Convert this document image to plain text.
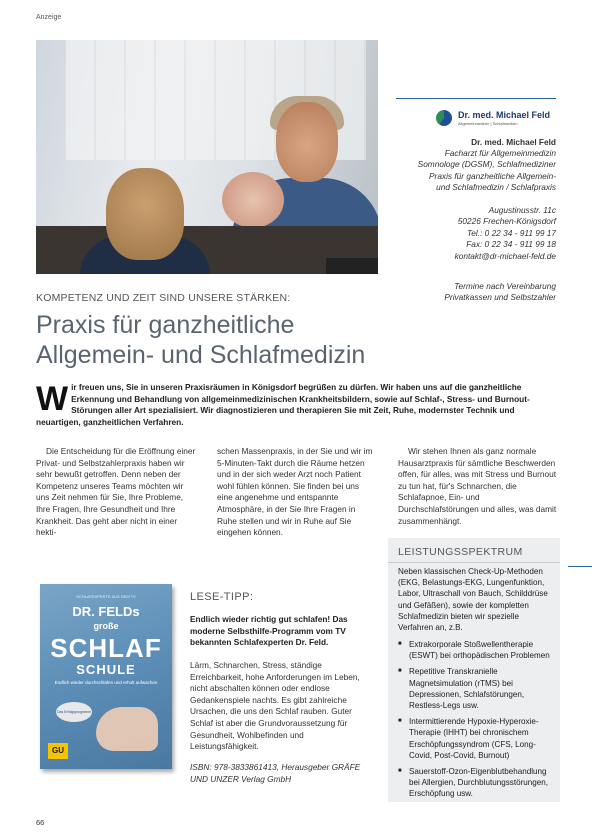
Anzeige
Dr. med. Michael Feld
Allgemeinmedizin | Schlafmedizin
Dr. med. Michael Feld
Facharzt für Allgemeinmedizin
Somnologe (DGSM), Schlafmediziner
Praxis für ganzheitliche Allgemein-
und Schlafmedizin / Schlafpraxis
Augustinusstr. 11c
50226 Frechen-Königsdorf
Tel.: 0 22 34 - 911 99 17
Fax: 0 22 34 - 911 99 18
kontakt@dr-michael-feld.de
Termine nach Vereinbarung
Privatkassen und Selbstzahler
KOMPETENZ UND ZEIT SIND UNSERE STÄRKEN:
Praxis für ganzheitliche
Allgemein- und Schlafmedizin
Wir freuen uns, Sie in unseren Praxisräumen in Königsdorf begrüßen zu dürfen. Wir haben uns auf die ganzheitliche Erkennung und Behandlung von allgemeinmedizinischen Krankheitsbildern, sowie auf Schlaf-, Stress- und Burnout-Störungen aller Art spezialisiert. Wir diagnostizieren und therapieren Sie mit Zeit, Ruhe, modernster Technik und neuartigen, ganzheitlichen Verfahren.
Die Entscheidung für die Eröffnung einer Privat- und Selbstzahlerpraxis haben wir sehr bewußt getroffen. Denn neben der Kompetenz unseres Teams möchten wir uns Zeit nehmen für Sie, Ihre Probleme, Ihre Fragen, Ihre Gesundheit und Ihre Krankheit. Das geht aber nicht in einer hekti-
schen Massenpraxis, in der Sie und wir im 5-Minuten-Takt durch die Räume hetzen und in der sich weder Arzt noch Patient wohl fühlen können. Sie finden bei uns eine angenehme und entspannte Atmosphäre, in der Sie Ihre Fragen in Ruhe stellen und wir in Ruhe auf Sie eingehen können.
Wir stehen Ihnen als ganz normale Hausarztpraxis für sämtliche Beschwerden offen, für alles, was mit Stress und Burnout zu tun hat, für's Schnarchen, die Schlafapnoe, Ein- und Durchschlafstörungen und alles, was damit zusammenhängt.
SCHLAFEXPERTE AUS DEM TV
DR. FELDs
große
SCHLAF
SCHULE
Endlich wieder durchschlafen und erholt aufwachen
Das Erfolgsprogramm
GU
LESE-TIPP:
Endlich wieder richtig gut schlafen! Das moderne Selbsthilfe-Programm vom TV bekannten Schlafexperten Dr. Feld.
Lärm, Schnarchen, Stress, ständige Erreichbarkeit, hohe Anforderungen im Leben, nicht abschalten können oder endlose Gedankenspiele nachts. Es gibt zahlreiche Ursachen, die uns den Schlaf rauben. Guter Schlaf ist aber die Grundvoraussetzung für Gesundheit, Wohlbefinden und Leistungsfähigkeit.
ISBN: 978-3833861413, Herausgeber GRÄFE UND UNZER Verlag GmbH
LEISTUNGSSPEKTRUM
Neben klassischen Check-Up-Methoden (EKG, Belastungs-EKG, Lungenfunktion, Labor, Ultraschall von Bauch, Schilddrüse und Gefäßen), sowie der kompletten Schlafmedizin bieten wir spezielle Verfahren an, z.B.
■ Extrakorporale Stoßwellentherapie (ESWT) bei orthopädischen Problemen
■ Repetitive Transkranielle Magnetsimulation (rTMS) bei Depressionen, Schlafstörungen, Restless-Legs usw.
■ Intermittierende Hypoxie-Hyperoxie-Therapie (IHHT) bei chronischem Erschöpfungssyndrom (CFS, Long-Covid, Post-Covid, Burnout)
■ Sauerstoff-Ozon-Eigenblutbehandlung bei Allergien, Durchblutungsstörungen, Erschöpfung usw.
66
